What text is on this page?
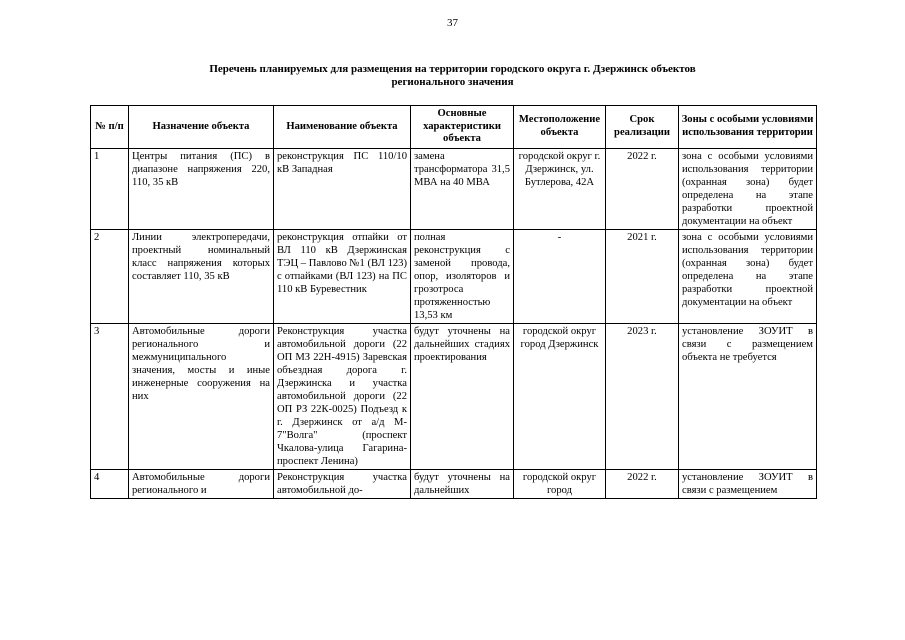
37
Перечень планируемых для размещения на территории городского округа г. Дзержинск объектов
регионального значения
№ п/п	Назначение объекта	Наименование объекта	Основные характеристики объекта	Местоположение объекта	Срок реализации	Зоны с особыми условиями использования территории
1	Центры питания (ПС) в диапазоне напряжения 220, 110, 35 кВ	реконструкция ПС 110/10 кВ Западная	замена трансформатора 31,5 МВА на 40 МВА	городской округ г. Дзержинск, ул. Бутлерова, 42А	2022 г.	зона с особыми условиями использования территории (охранная зона) будет определена на этапе разработки проектной документации на объект
2	Линии электропередачи, проектный номинальный класс напряжения которых составляет 110, 35 кВ	реконструкция отпайки от ВЛ 110 кВ Дзержинская ТЭЦ – Павлово №1 (ВЛ 123) с отпайками (ВЛ 123) на ПС 110 кВ Буревестник	полная реконструкция с заменой провода, опор, изоляторов и грозотроса протяженностью 13,53 км	-	2021 г.	зона с особыми условиями использования территории (охранная зона) будет определена на этапе разработки проектной документации на объект
3	Автомобильные дороги регионального и межмуниципального значения, мосты и иные инженерные сооружения на них	Реконструкция участка автомобильной дороги (22 ОП МЗ 22Н-4915) Заревская объездная дорога г. Дзержинска и участка автомобильной дороги (22 ОП РЗ 22К-0025) Подъезд к г. Дзержинск от а/д М- 7"Волга" (проспект Чкалова-улица Гагарина-проспект Ленина)	будут уточнены на дальнейших стадиях проектирования	городской округ город Дзержинск	2023 г.	установление ЗОУИТ в связи с размещением объекта не требуется
4	Автомобильные дороги регионального и	Реконструкция участка автомобильной до-	будут уточнены на дальнейших	городской округ город	2022 г.	установление ЗОУИТ в связи с размещением
